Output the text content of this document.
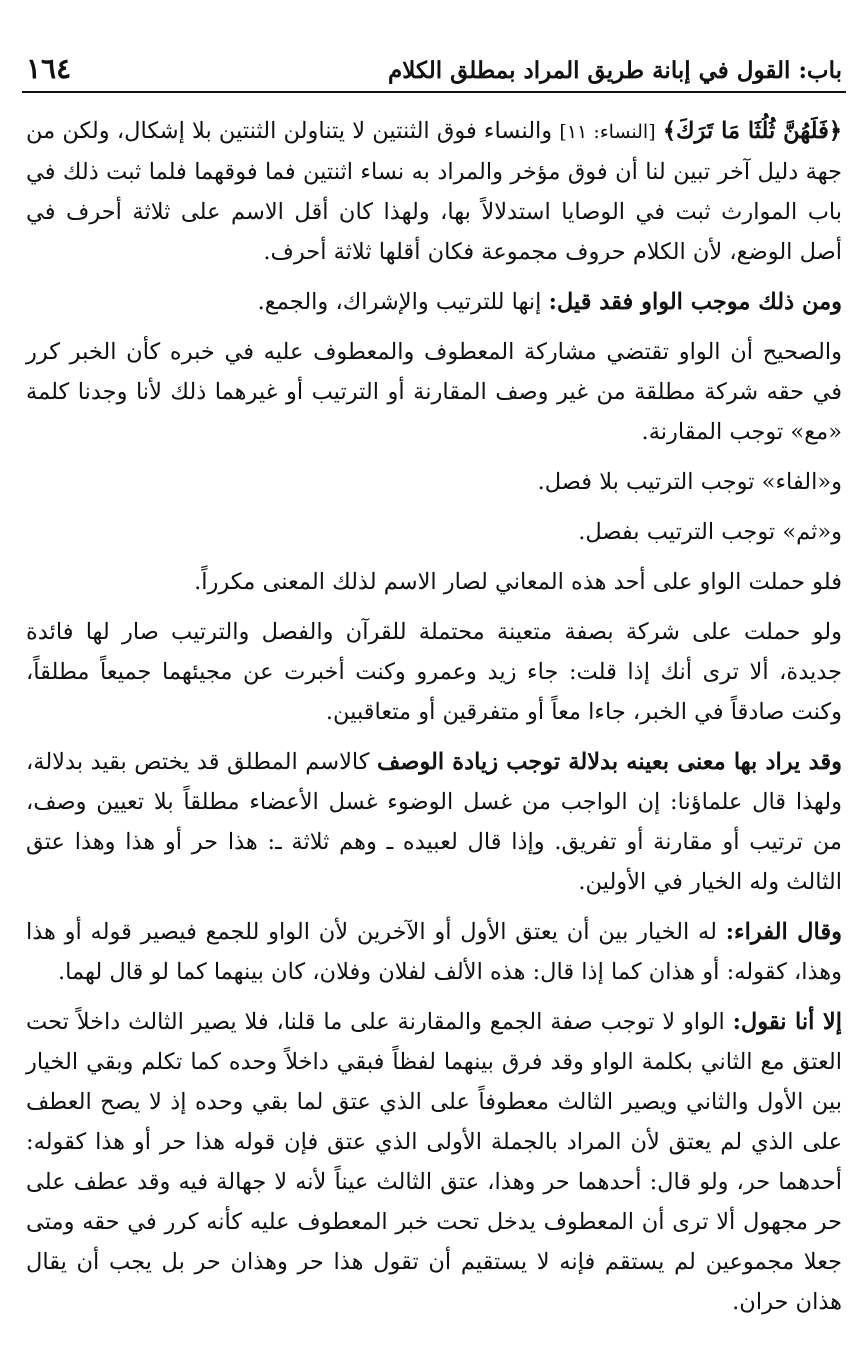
باب: القول في إبانة طريق المراد بمطلق الكلام
١٦٤

﴿فَلَهُنَّ ثُلُثَا مَا تَرَكَ﴾ [النساء: ١١] والنساء فوق الثنتين لا يتناولن الثنتين بلا إشكال، ولكن من جهة دليل آخر تبين لنا أن فوق مؤخر والمراد به نساء اثنتين فما فوقهما فلما ثبت ذلك في باب الموارث ثبت في الوصايا استدلالاً بها، ولهذا كان أقل الاسم على ثلاثة أحرف في أصل الوضع، لأن الكلام حروف مجموعة فكان أقلها ثلاثة أحرف.

ومن ذلك موجب الواو فقد قيل: إنها للترتيب والإشراك، والجمع.

والصحيح أن الواو تقتضي مشاركة المعطوف والمعطوف عليه في خبره كأن الخبر كرر في حقه شركة مطلقة من غير وصف المقارنة أو الترتيب أو غيرهما ذلك لأنا وجدنا كلمة «مع» توجب المقارنة.

و«الفاء» توجب الترتيب بلا فصل.

و«ثم» توجب الترتيب بفصل.

فلو حملت الواو على أحد هذه المعاني لصار الاسم لذلك المعنى مكرراً.

ولو حملت على شركة بصفة متعينة محتملة للقرآن والفصل والترتيب صار لها فائدة جديدة، ألا ترى أنك إذا قلت: جاء زيد وعمرو وكنت أخبرت عن مجيئهما جميعاً مطلقاً، وكنت صادقاً في الخبر، جاءا معاً أو متفرقين أو متعاقبين.

وقد يراد بها معنى بعينه بدلالة توجب زيادة الوصف كالاسم المطلق قد يختص بقيد بدلالة، ولهذا قال علماؤنا: إن الواجب من غسل الوضوء غسل الأعضاء مطلقاً بلا تعيين وصف، من ترتيب أو مقارنة أو تفريق. وإذا قال لعبيده ـ وهم ثلاثة ـ: هذا حر أو هذا وهذا عتق الثالث وله الخيار في الأولين.

وقال الفراء: له الخيار بين أن يعتق الأول أو الآخرين لأن الواو للجمع فيصير قوله أو هذا وهذا، كقوله: أو هذان كما إذا قال: هذه الألف لفلان وفلان، كان بينهما كما لو قال لهما.

إلا أنا نقول: الواو لا توجب صفة الجمع والمقارنة على ما قلنا، فلا يصير الثالث داخلاً تحت العتق مع الثاني بكلمة الواو وقد فرق بينهما لفظاً فبقي داخلاً وحده كما تكلم وبقي الخيار بين الأول والثاني ويصير الثالث معطوفاً على الذي عتق لما بقي وحده إذ لا يصح العطف على الذي لم يعتق لأن المراد بالجملة الأولى الذي عتق فإن قوله هذا حر أو هذا كقوله: أحدهما حر، ولو قال: أحدهما حر وهذا، عتق الثالث عيناً لأنه لا جهالة فيه وقد عطف على حر مجهول ألا ترى أن المعطوف يدخل تحت خبر المعطوف عليه كأنه كرر في حقه ومتى جعلا مجموعين لم يستقم فإنه لا يستقيم أن تقول هذا حر وهذان حر بل يجب أن يقال هذان حران.
